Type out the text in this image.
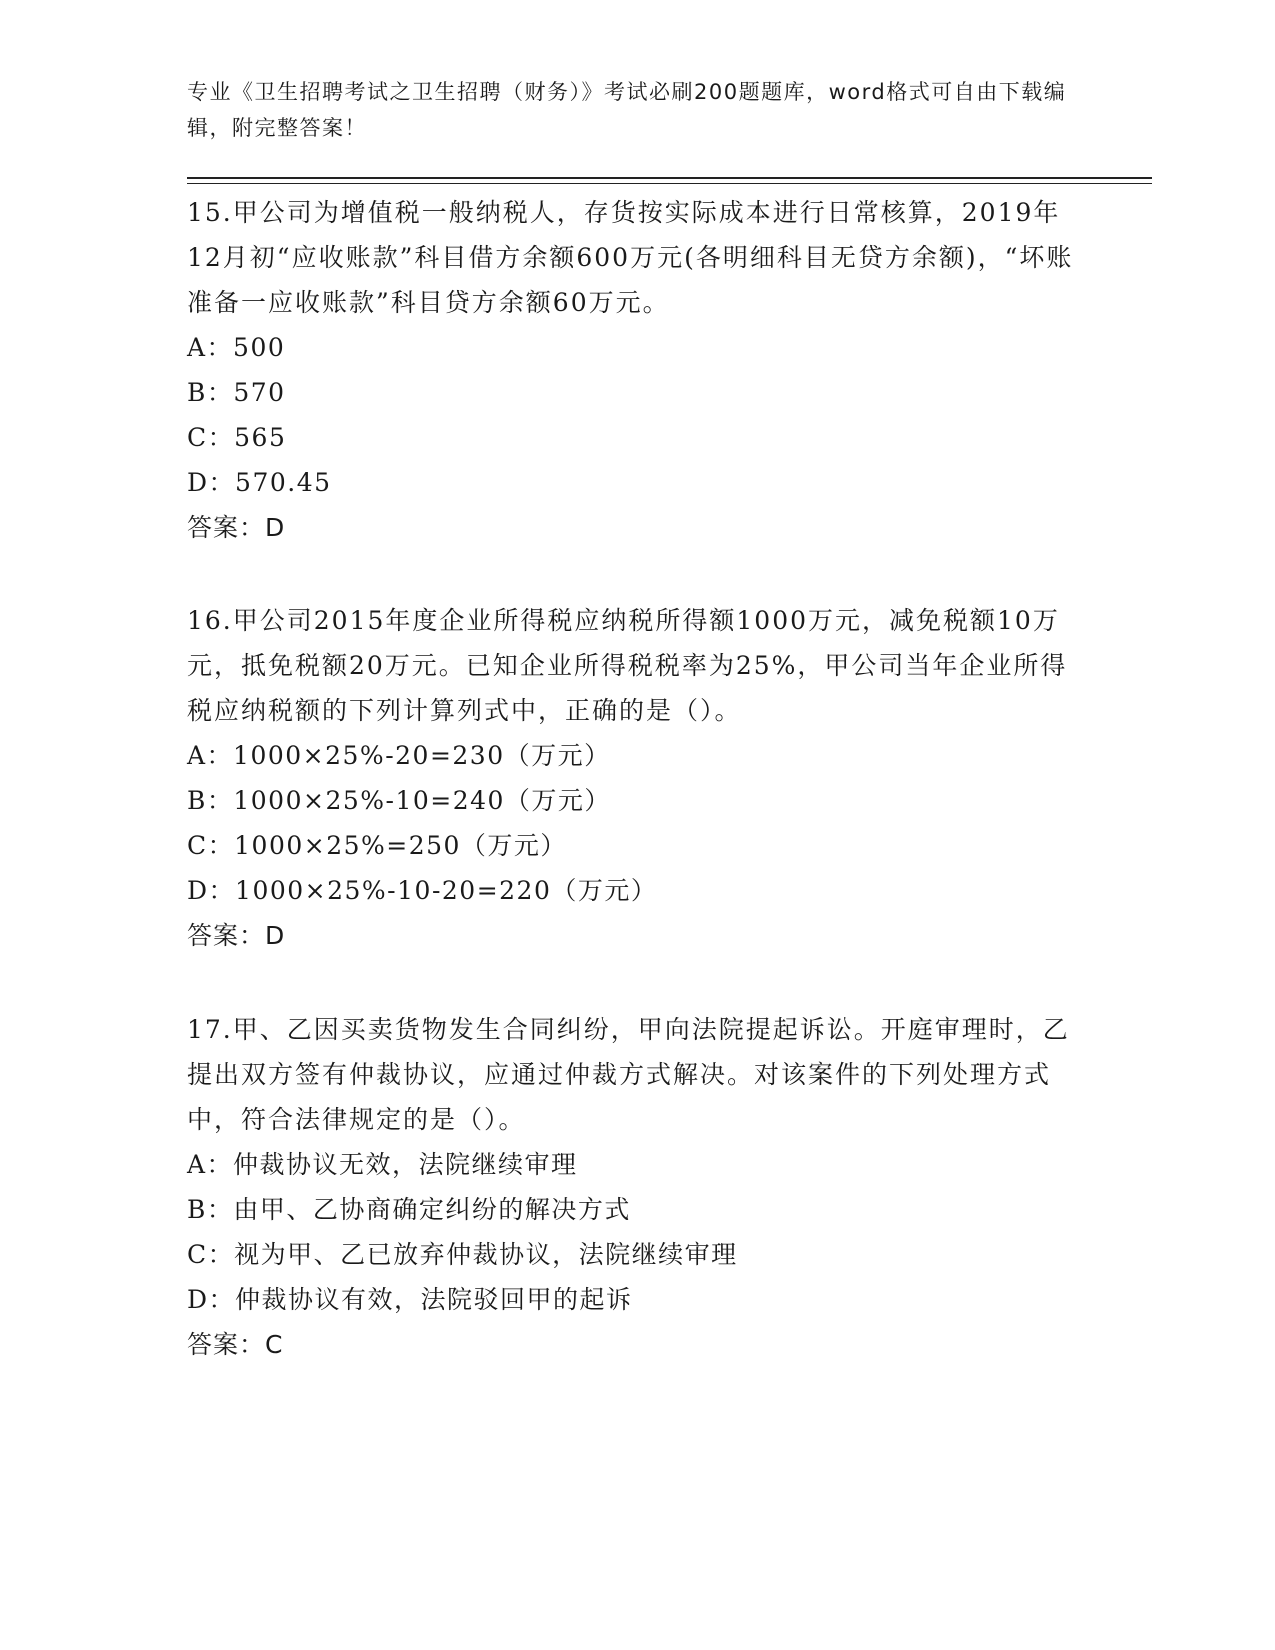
专业《卫生招聘考试之卫生招聘（财务）》考试必刷200题题库，word格式可自由下载编辑，附完整答案！
15.甲公司为增值税一般纳税人，存货按实际成本进行日常核算，2019年12月初“应收账款”科目借方余额600万元(各明细科目无贷方余额)，“坏账准备一应收账款”科目贷方余额60万元。
A：500
B：570
C：565
D：570.45
答案：D
16.甲公司2015年度企业所得税应纳税所得额1000万元，减免税额10万元，抵免税额20万元。已知企业所得税税率为25%，甲公司当年企业所得税应纳税额的下列计算列式中，正确的是（）。
A：1000×25%-20=230（万元）
B：1000×25%-10=240（万元）
C：1000×25%=250（万元）
D：1000×25%-10-20=220（万元）
答案：D
17.甲、乙因买卖货物发生合同纠纷，甲向法院提起诉讼。开庭审理时，乙提出双方签有仲裁协议，应通过仲裁方式解决。对该案件的下列处理方式中，符合法律规定的是（）。
A：仲裁协议无效，法院继续审理
B：由甲、乙协商确定纠纷的解决方式
C：视为甲、乙已放弃仲裁协议，法院继续审理
D：仲裁协议有效，法院驳回甲的起诉
答案：C
